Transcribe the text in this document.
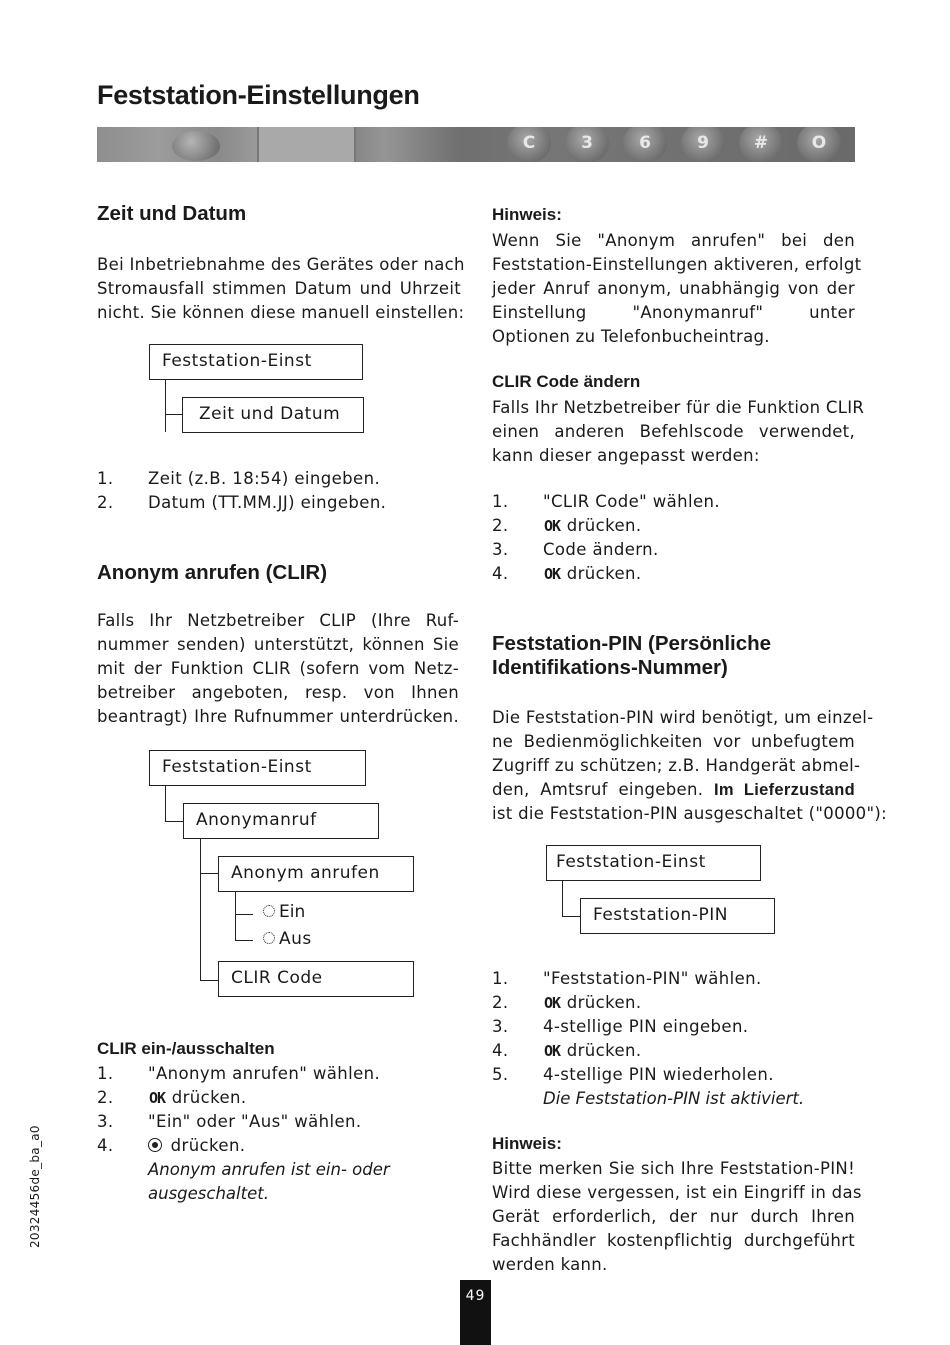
Feststation-Einstellungen
C	3	6	9	#	O
Zeit und Datum
Bei Inbetriebnahme des Gerätes oder nach
Stromausfall stimmen Datum und Uhrzeit
nicht. Sie können diese manuell einstellen:
Feststation-Einst
Zeit und Datum
1. Zeit (z.B. 18:54) eingeben.
2. Datum (TT.MM.JJ) eingeben.
Anonym anrufen (CLIR)
Falls Ihr Netzbetreiber CLIP (Ihre Ruf-
nummer senden) unterstützt, können Sie
mit der Funktion CLIR (sofern vom Netz-
betreiber angeboten, resp. von Ihnen
beantragt) Ihre Rufnummer unterdrücken.
Feststation-Einst
Anonymanruf
Anonym anrufen
Ein
Aus
CLIR Code
CLIR ein-/ausschalten
1. "Anonym anrufen" wählen.
2. OK drücken.
3. "Ein" oder "Aus" wählen.
4.	drücken.
Anonym anrufen ist ein- oder
ausgeschaltet.
Hinweis:
Wenn Sie "Anonym anrufen" bei den
Feststation-Einstellungen aktiveren, erfolgt
jeder Anruf anonym, unabhängig von der
Einstellung "Anonymanruf" unter
Optionen zu Telefonbucheintrag.
CLIR Code ändern
Falls Ihr Netzbetreiber für die Funktion CLIR
einen anderen Befehlscode verwendet,
kann dieser angepasst werden:
1. "CLIR Code" wählen.
2. OK drücken.
3. Code ändern.
4. OK drücken.
Feststation-PIN (Persönliche
Identifikations-Nummer)
Die Feststation-PIN wird benötigt, um einzel-
ne Bedienmöglichkeiten vor unbefugtem
Zugriff zu schützen; z.B. Handgerät abmel-
den, Amtsruf eingeben. Im Lieferzustand
ist die Feststation-PIN ausgeschaltet ("0000"):
Feststation-Einst
Feststation-PIN
1. "Feststation-PIN" wählen.
2. OK drücken.
3. 4-stellige PIN eingeben.
4. OK drücken.
5. 4-stellige PIN wiederholen.
Die Feststation-PIN ist aktiviert.
Hinweis:
Bitte merken Sie sich Ihre Feststation-PIN!
Wird diese vergessen, ist ein Eingriff in das
Gerät erforderlich, der nur durch Ihren
Fachhändler kostenpflichtig durchgeführt
werden kann.
20324456de_ba_a0
49
